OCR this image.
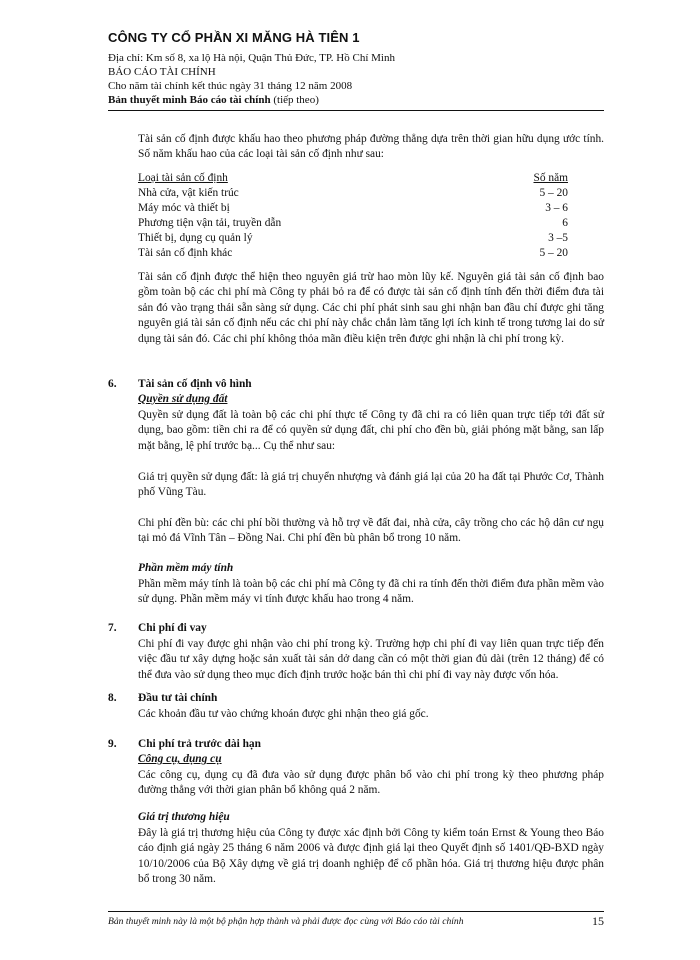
CÔNG TY CỔ PHẦN XI MĂNG HÀ TIÊN 1
Địa chỉ: Km số 8, xa lộ Hà nội, Quận Thủ Đức, TP. Hồ Chí Minh
BÁO CÁO TÀI CHÍNH
Cho năm tài chính kết thúc ngày 31 tháng 12 năm 2008
Bản thuyết minh Báo cáo tài chính (tiếp theo)
Tài sản cố định được khấu hao theo phương pháp đường thẳng dựa trên thời gian hữu dụng ước tính. Số năm khấu hao của các loại tài sản cố định như sau:
Loại tài sản cố định	Số năm
Nhà cửa, vật kiến trúc	5 – 20
Máy móc và thiết bị	3 – 6
Phương tiện vận tải, truyền dẫn	6
Thiết bị, dụng cụ quản lý	3 –5
Tài sản cố định khác	5 – 20
Tài sản cố định được thể hiện theo nguyên giá trừ hao mòn lũy kế. Nguyên giá tài sản cố định bao gồm toàn bộ các chi phí mà Công ty phải bỏ ra để có được tài sản cố định tính đến thời điểm đưa tài sản đó vào trạng thái sẵn sàng sử dụng. Các chi phí phát sinh sau ghi nhận ban đầu chỉ được ghi tăng nguyên giá tài sản cố định nếu các chi phí này chắc chắn làm tăng lợi ích kinh tế trong tương lai do sử dụng tài sản đó. Các chi phí không thỏa mãn điều kiện trên được ghi nhận là chi phí trong kỳ.
6. Tài sản cố định vô hình
Quyền sử dụng đất
Quyền sử dụng đất là toàn bộ các chi phí thực tế Công ty đã chi ra có liên quan trực tiếp tới đất sử dụng, bao gồm: tiền chi ra để có quyền sử dụng đất, chi phí cho đền bù, giải phóng mặt bằng, san lấp mặt bằng, lệ phí trước bạ... Cụ thể như sau:
Giá trị quyền sử dụng đất: là giá trị chuyển nhượng và đánh giá lại của 20 ha đất tại Phước Cơ, Thành phố Vũng Tàu.
Chi phí đền bù: các chi phí bồi thường và hỗ trợ về đất đai, nhà cửa, cây trồng cho các hộ dân cư ngụ tại mỏ đá Vĩnh Tân – Đồng Nai. Chi phí đền bù phân bổ trong 10 năm.
Phần mềm máy tính
Phần mềm máy tính là toàn bộ các chi phí mà Công ty đã chi ra tính đến thời điểm đưa phần mềm vào sử dụng. Phần mềm máy vi tính được khấu hao trong 4 năm.
7. Chi phí đi vay
Chi phí đi vay được ghi nhận vào chi phí trong kỳ. Trường hợp chi phí đi vay liên quan trực tiếp đến việc đầu tư xây dựng hoặc sản xuất tài sản dở dang cần có một thời gian đủ dài (trên 12 tháng) để có thể đưa vào sử dụng theo mục đích định trước hoặc bán thì chi phí đi vay này được vốn hóa.
8. Đầu tư tài chính
Các khoản đầu tư vào chứng khoán được ghi nhận theo giá gốc.
9. Chi phí trả trước dài hạn
Công cụ, dụng cụ
Các công cụ, dụng cụ đã đưa vào sử dụng được phân bổ vào chi phí trong kỳ theo phương pháp đường thẳng với thời gian phân bổ không quá 2 năm.
Giá trị thương hiệu
Đây là giá trị thương hiệu của Công ty được xác định bởi Công ty kiểm toán Ernst & Young theo Báo cáo định giá ngày 25 tháng 6 năm 2006 và được định giá lại theo Quyết định số 1401/QĐ-BXD ngày 10/10/2006 của Bộ Xây dựng về giá trị doanh nghiệp để cổ phần hóa. Giá trị thương hiệu được phân bổ trong 30 năm.
Bản thuyết minh này là một bộ phận hợp thành và phải được đọc cùng với Báo cáo tài chính	15
